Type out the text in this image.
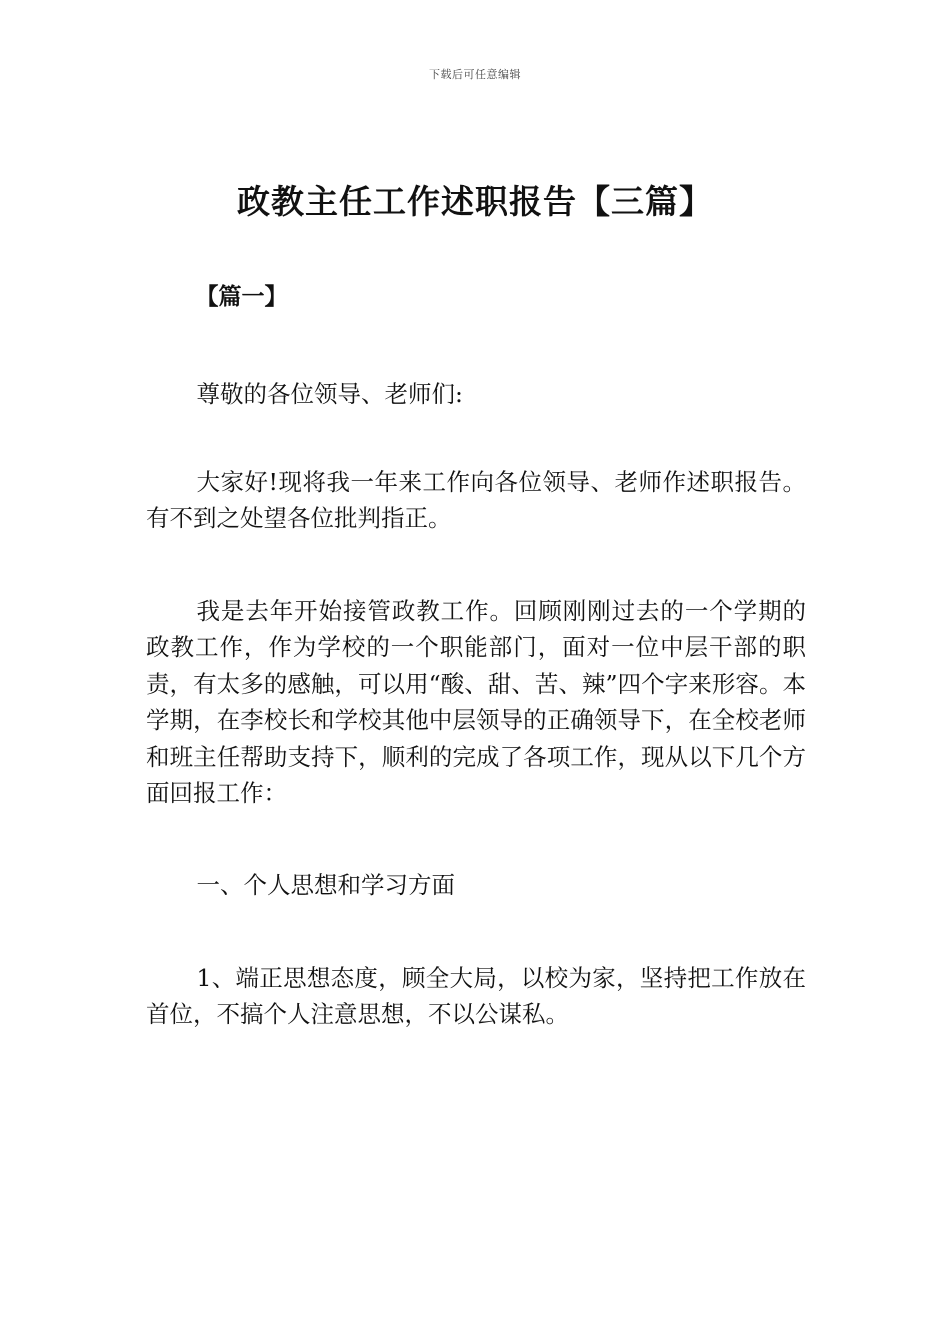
下载后可任意编辑
政教主任工作述职报告【三篇】

【篇一】

尊敬的各位领导、老师们:

大家好!现将我一年来工作向各位领导、老师作述职报告。有不到之处望各位批判指正。

我是去年开始接管政教工作。回顾刚刚过去的一个学期的政教工作，作为学校的一个职能部门，面对一位中层干部的职责，有太多的感触，可以用“酸、甜、苦、辣”四个字来形容。本学期，在李校长和学校其他中层领导的正确领导下，在全校老师和班主任帮助支持下，顺利的完成了各项工作，现从以下几个方面回报工作：

一、个人思想和学习方面

1、端正思想态度，顾全大局，以校为家，坚持把工作放在首位，不搞个人注意思想，不以公谋私。
